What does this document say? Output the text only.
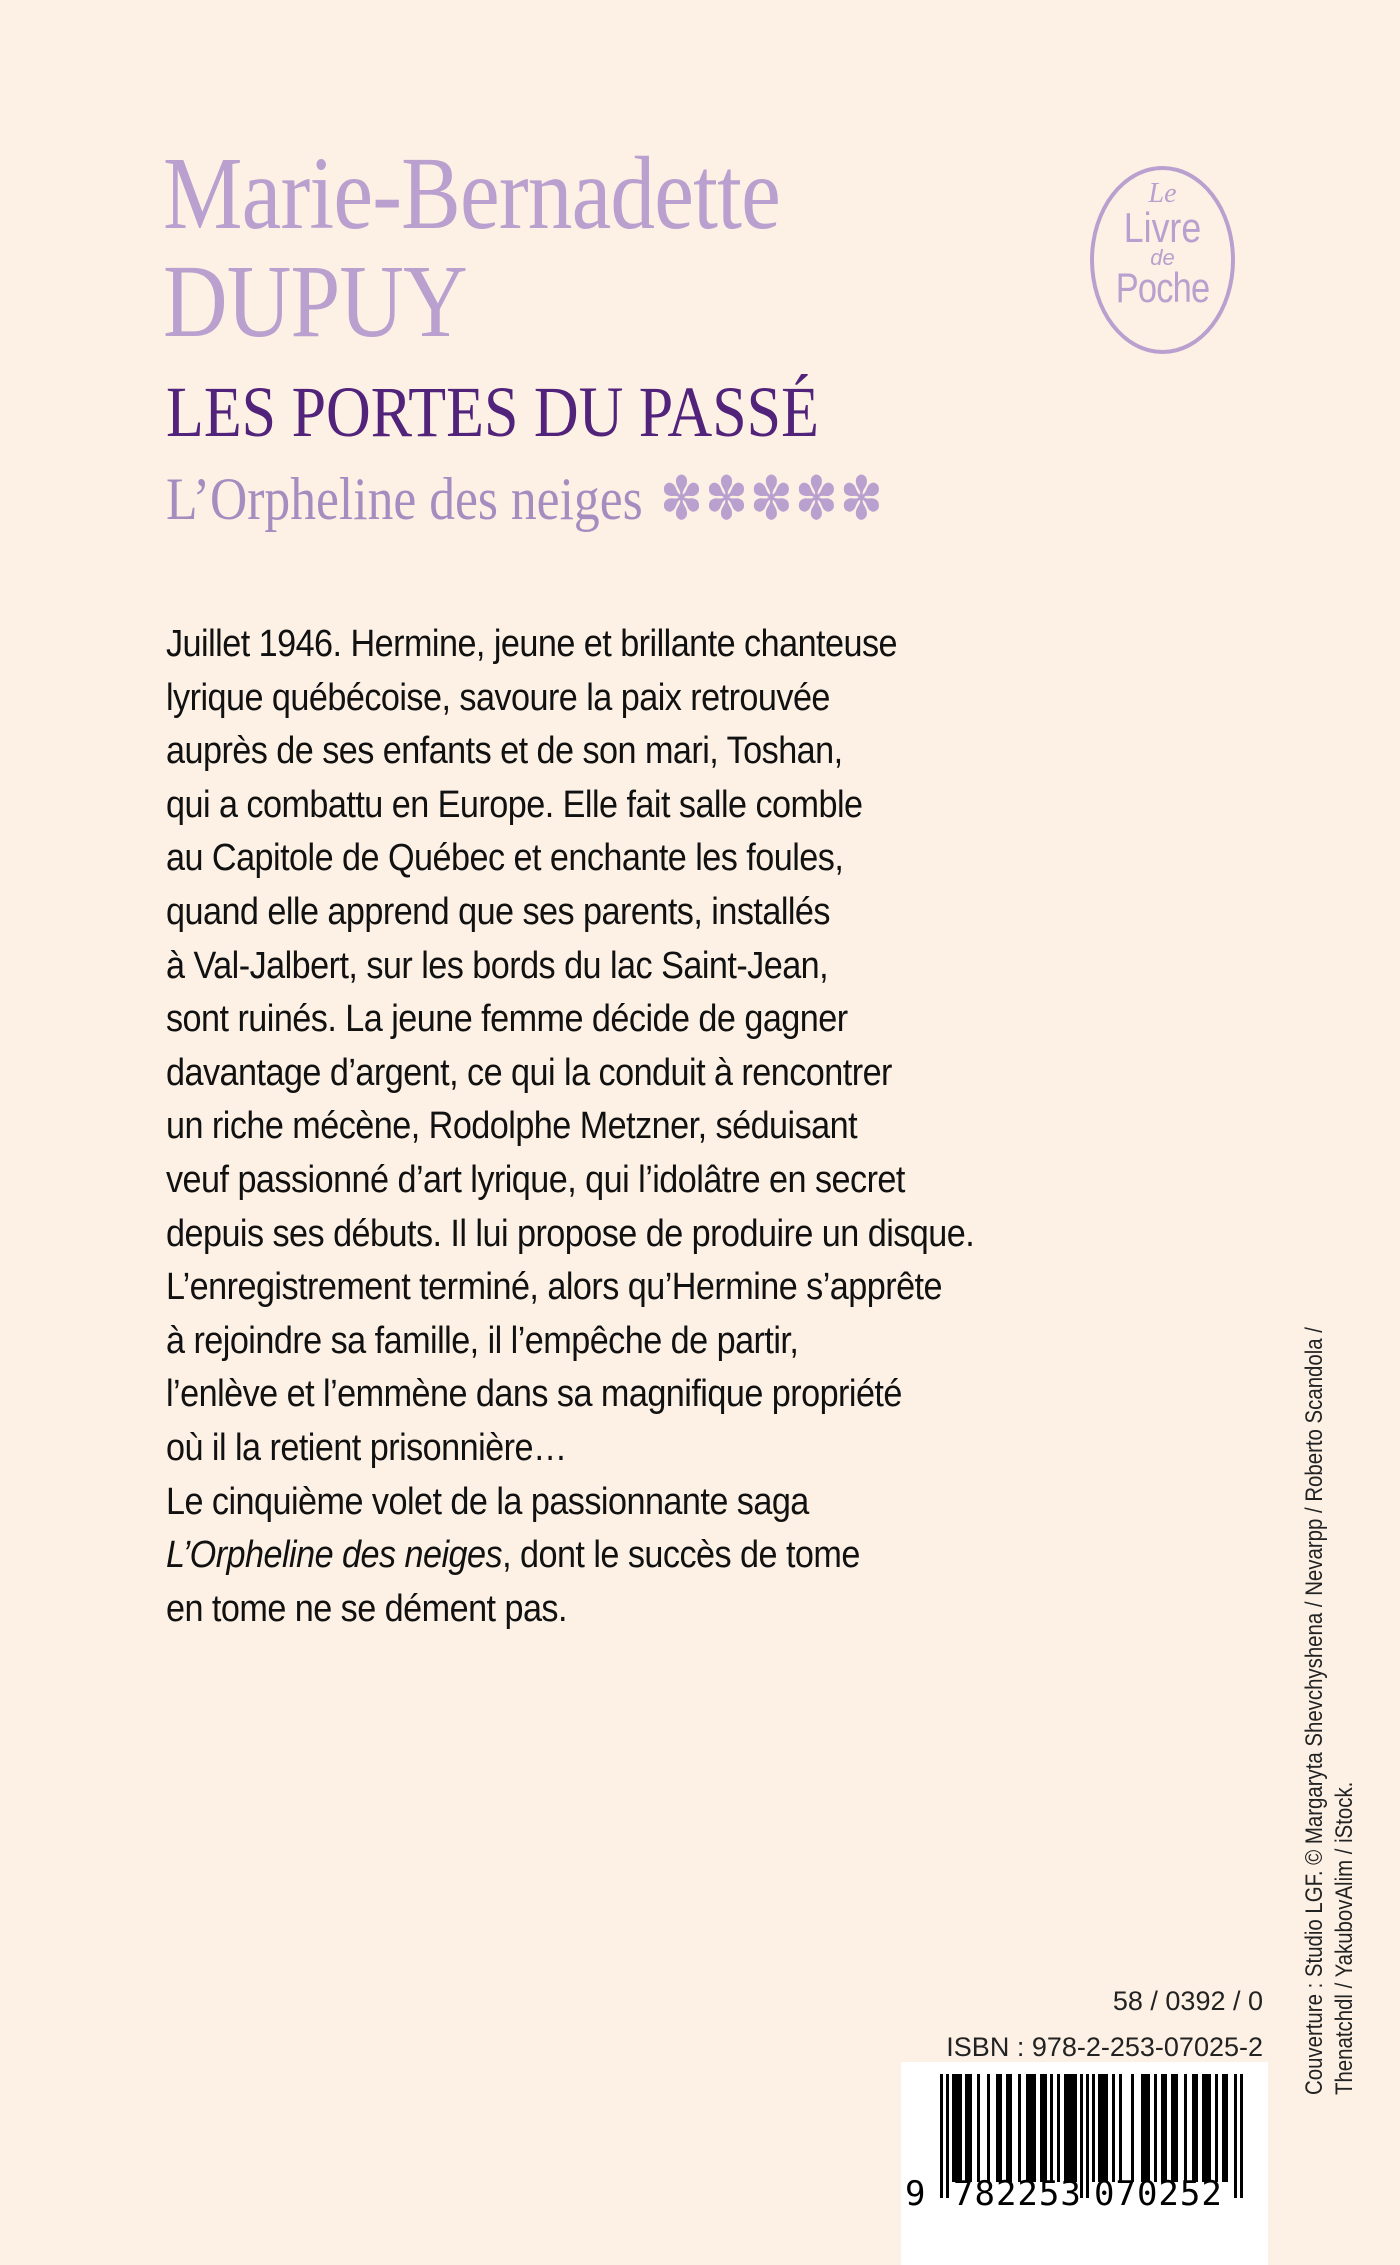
Marie-Bernadette
DUPUY
Le
Livre
de
Poche
LES PORTES DU PASSÉ
L’Orpheline des neiges ✽✽✽✽✽
Juillet 1946. Hermine, jeune et brillante chanteuse
lyrique québécoise, savoure la paix retrouvée
auprès de ses enfants et de son mari, Toshan,
qui a combattu en Europe. Elle fait salle comble
au Capitole de Québec et enchante les foules,
quand elle apprend que ses parents, installés
à Val-Jalbert, sur les bords du lac Saint-Jean,
sont ruinés. La jeune femme décide de gagner
davantage d’argent, ce qui la conduit à rencontrer
un riche mécène, Rodolphe Metzner, séduisant
veuf passionné d’art lyrique, qui l’idolâtre en secret
depuis ses débuts. Il lui propose de produire un disque.
L’enregistrement terminé, alors qu’Hermine s’apprête
à rejoindre sa famille, il l’empêche de partir,
l’enlève et l’emmène dans sa magnifique propriété
où il la retient prisonnière…
Le cinquième volet de la passionnante saga
L’Orpheline des neiges, dont le succès de tome
en tome ne se dément pas.
58 / 0392 / 0
ISBN : 978-2-253-07025-2
9 782253 070252
Couverture : Studio LGF. © Margaryta Shevchyshena / Nevarpp / Roberto Scandola / Thenatchdl / YakubovAlim / iStock.
